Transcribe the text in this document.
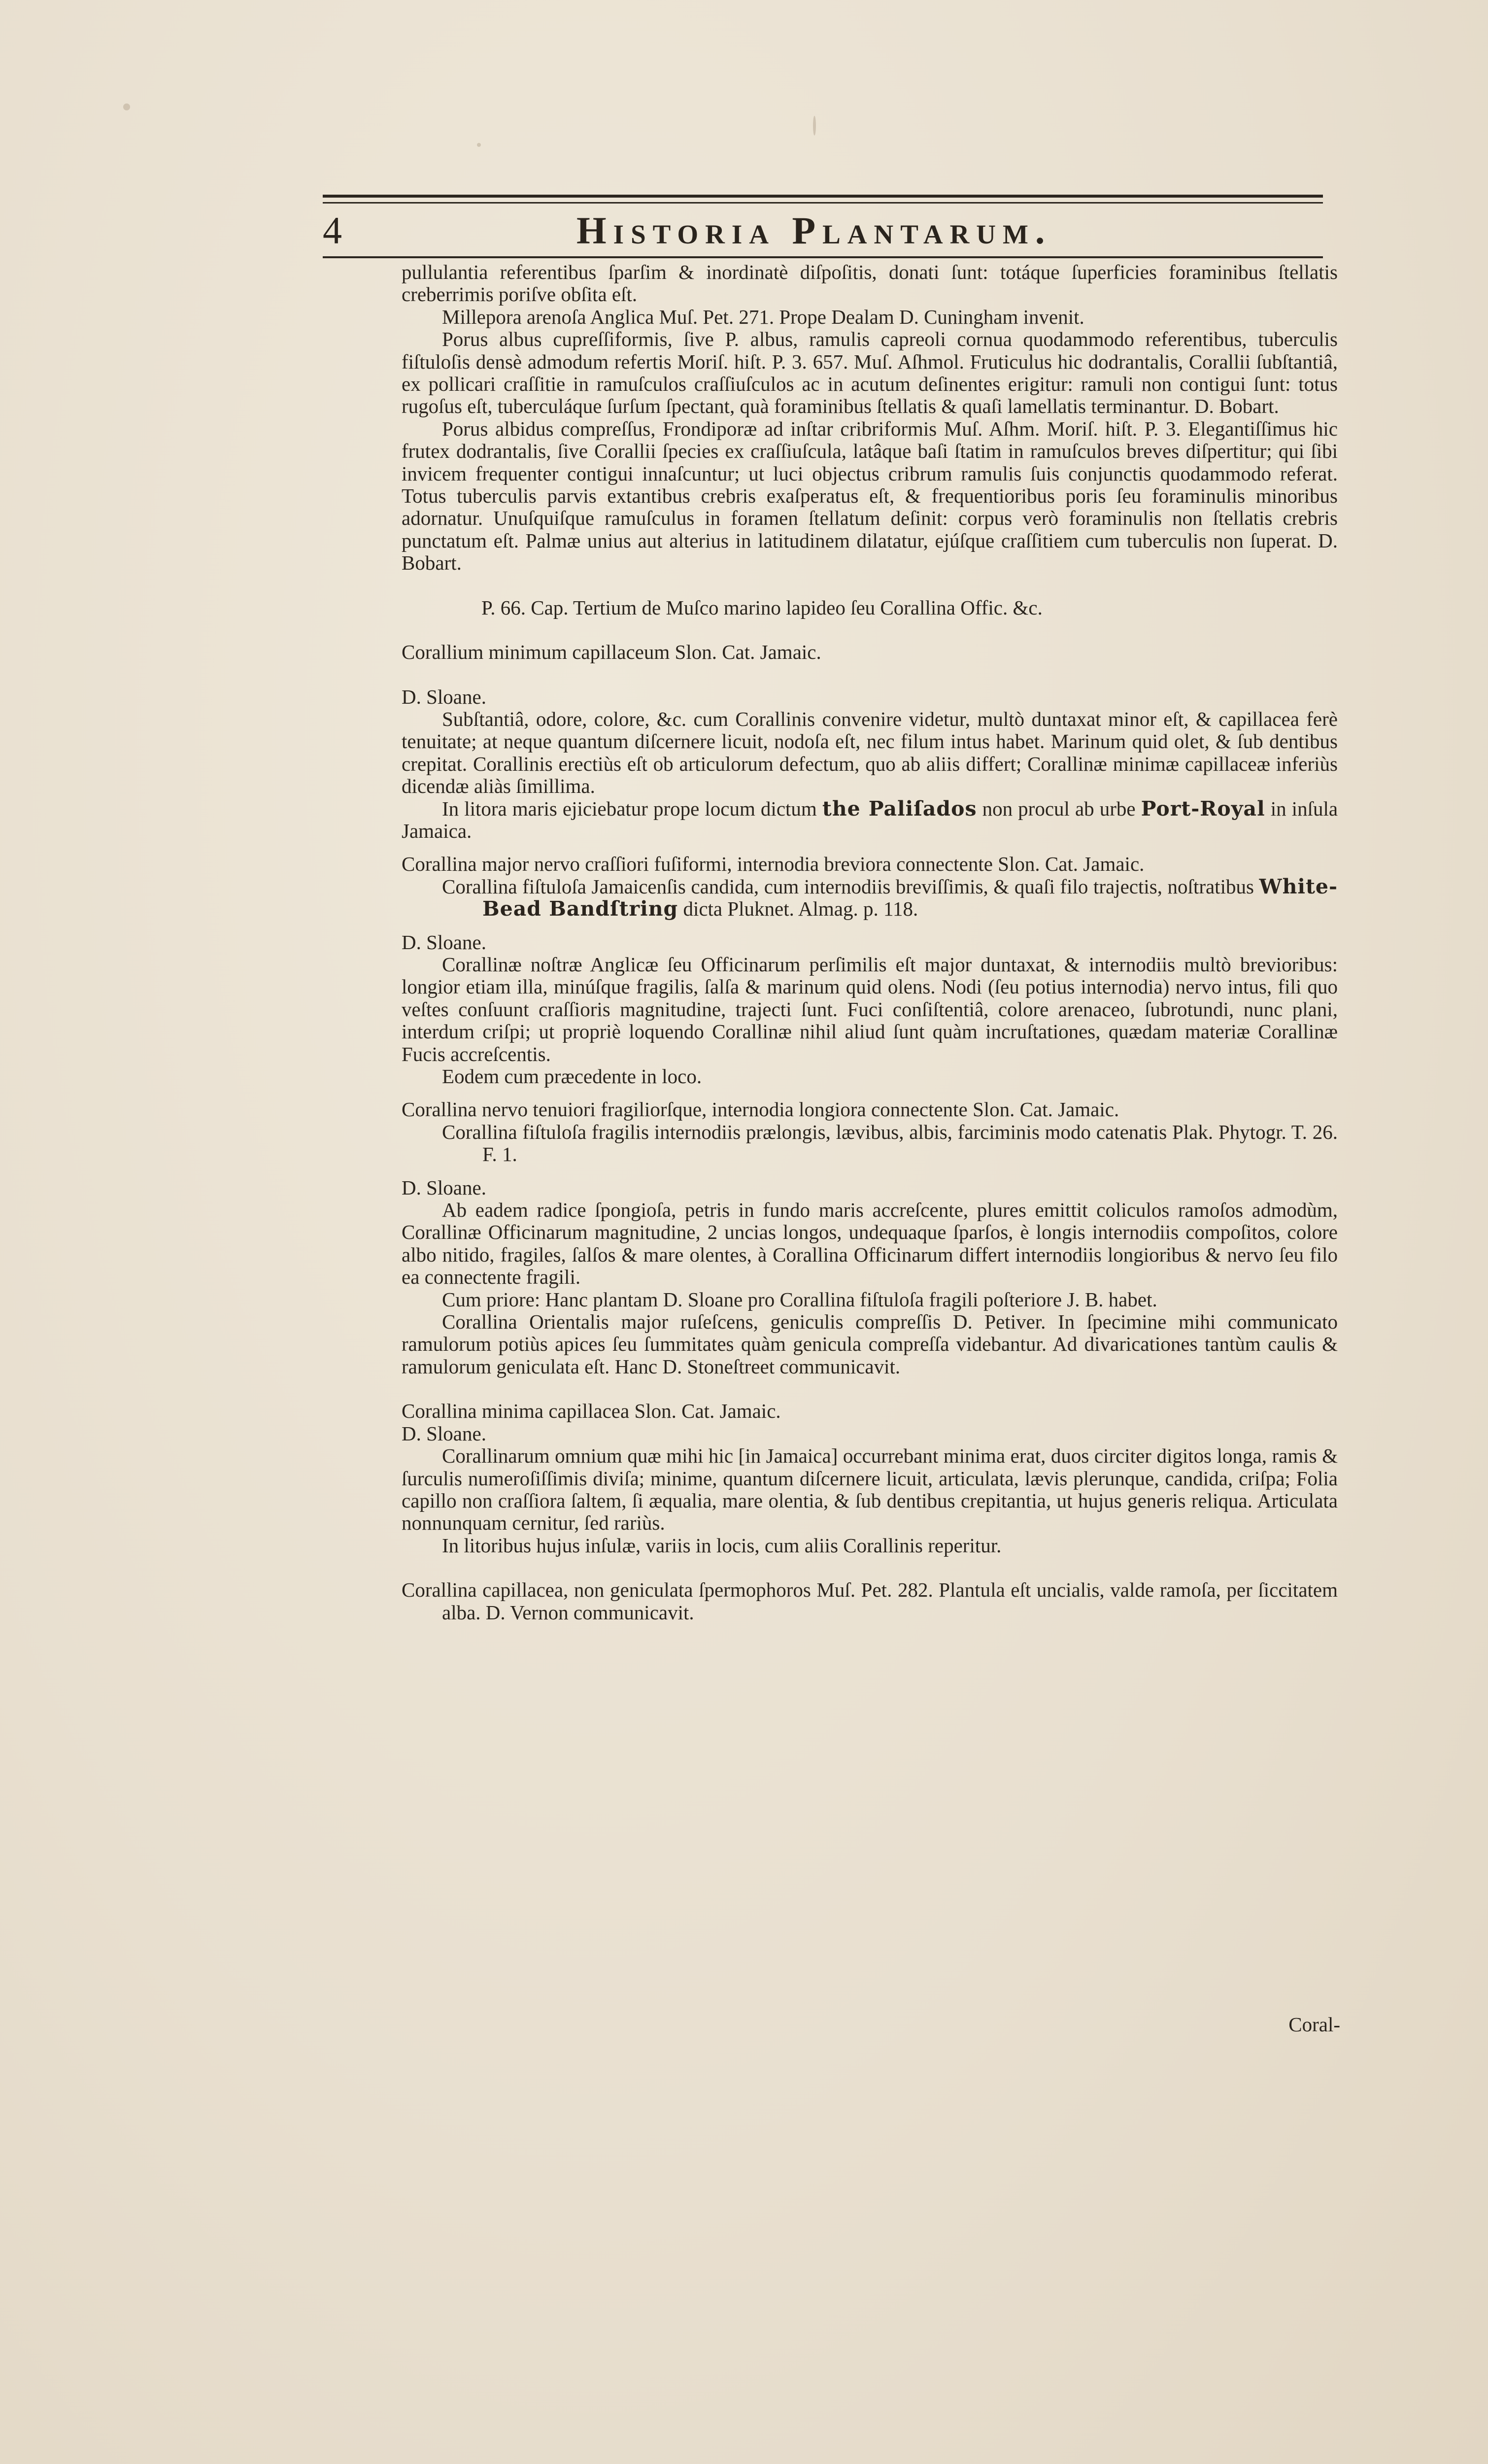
4	Historia Plantarum.

pullulantia referentibus ſparſim & inordinatè diſpoſitis, donati ſunt: totáque ſuperficies foraminibus ſtellatis creberrimis poriſve obſita eſt.

Millepora arenoſa Anglica Muſ. Pet. 271. Prope Dealam D. Cuningham invenit.

Porus albus cupreſſiformis, ſive P. albus, ramulis capreoli cornua quodammodo referentibus, tuberculis fiſtuloſis densè admodum refertis Moriſ. hiſt. P. 3. 657. Muſ. Aſhmol. Fruticulus hic dodrantalis, Corallii ſubſtantiâ, ex pollicari craſſitie in ramuſculos craſſiuſculos ac in acutum deſinentes erigitur: ramuli non contigui ſunt: totus rugoſus eſt, tuberculáque ſurſum ſpectant, quà foraminibus ſtellatis & quaſi lamellatis terminantur. D. Bobart.

Porus albidus compreſſus, Frondiporæ ad inſtar cribriformis Muſ. Aſhm. Moriſ. hiſt. P. 3. Elegantiſſimus hic frutex dodrantalis, ſive Corallii ſpecies ex craſſiuſcula, latâque baſi ſtatim in ramuſculos breves diſpertitur; qui ſibi invicem frequenter contigui innaſcuntur; ut luci objectus cribrum ramulis ſuis conjunctis quodammodo referat. Totus tuberculis parvis extantibus crebris exaſperatus eſt, & frequentioribus poris ſeu foraminulis minoribus adornatur. Unuſquiſque ramuſculus in foramen ſtellatum deſinit: corpus verò foraminulis non ſtellatis crebris punctatum eſt. Palmæ unius aut alterius in latitudinem dilatatur, ejúſque craſſitiem cum tuberculis non ſuperat. D. Bobart.

P. 66. Cap. Tertium de Muſco marino lapideo ſeu Corallina Offic. &c.

Corallium minimum capillaceum Slon. Cat. Jamaic.

D. Sloane.

Subſtantiâ, odore, colore, &c. cum Corallinis convenire videtur, multò duntaxat minor eſt, & capillacea ferè tenuitate; at neque quantum diſcernere licuit, nodoſa eſt, nec filum intus habet. Marinum quid olet, & ſub dentibus crepitat. Corallinis erectiùs eſt ob articulorum defectum, quo ab aliis differt; Corallinæ minimæ capillaceæ inferiùs dicendæ aliàs ſimillima.

In litora maris ejiciebatur prope locum dictum the Paliſados non procul ab urbe Port-Royal in inſula Jamaica.

Corallina major nervo craſſiori fuſiformi, internodia breviora connectente Slon. Cat. Jamaic.

Corallina fiſtuloſa Jamaicenſis candida, cum internodiis breviſſimis, & quaſi filo trajectis, noſtratibus White-Bead Bandſtring dicta Pluknet. Almag. p. 118.

D. Sloane.

Corallinæ noſtræ Anglicæ ſeu Officinarum perſimilis eſt major duntaxat, & internodiis multò brevioribus: longior etiam illa, minúſque fragilis, ſalſa & marinum quid olens. Nodi (ſeu potius internodia) nervo intus, fili quo veſtes conſuunt craſſioris magnitudine, trajecti ſunt. Fuci conſiſtentiâ, colore arenaceo, ſubrotundi, nunc plani, interdum criſpi; ut propriè loquendo Corallinæ nihil aliud ſunt quàm incruſtationes, quædam materiæ Corallinæ Fucis accreſcentis.

Eodem cum præcedente in loco.

Corallina nervo tenuiori fragiliorſque, internodia longiora connectente Slon. Cat. Jamaic.

Corallina fiſtuloſa fragilis internodiis prælongis, lævibus, albis, farciminis modo catenatis Plak. Phytogr. T. 26. F. 1.

D. Sloane.

Ab eadem radice ſpongioſa, petris in fundo maris accreſcente, plures emittit coliculos ramoſos admodùm, Corallinæ Officinarum magnitudine, 2 uncias longos, undequaque ſparſos, è longis internodiis compoſitos, colore albo nitido, fragiles, ſalſos & mare olentes, à Corallina Officinarum differt internodiis longioribus & nervo ſeu filo ea connectente fragili.

Cum priore: Hanc plantam D. Sloane pro Corallina fiſtuloſa fragili poſteriore J. B. habet.

Corallina Orientalis major ruſeſcens, geniculis compreſſis D. Petiver. In ſpecimine mihi communicato ramulorum potiùs apices ſeu ſummitates quàm genicula compreſſa videbantur. Ad divaricationes tantùm caulis & ramulorum geniculata eſt. Hanc D. Stoneſtreet communicavit.

Corallina minima capillacea Slon. Cat. Jamaic.

D. Sloane.

Corallinarum omnium quæ mihi hic [in Jamaica] occurrebant minima erat, duos circiter digitos longa, ramis & ſurculis numeroſiſſimis diviſa; minime, quantum diſcernere licuit, articulata, lævis plerunque, candida, criſpa; Folia capillo non craſſiora ſaltem, ſi æqualia, mare olentia, & ſub dentibus crepitantia, ut hujus generis reliqua. Articulata nonnunquam cernitur, ſed rariùs.

In litoribus hujus inſulæ, variis in locis, cum aliis Corallinis reperitur.

Corallina capillacea, non geniculata ſpermophoros Muſ. Pet. 282. Plantula eſt uncialis, valde ramoſa, per ſiccitatem alba. D. Vernon communicavit.

Coral-
